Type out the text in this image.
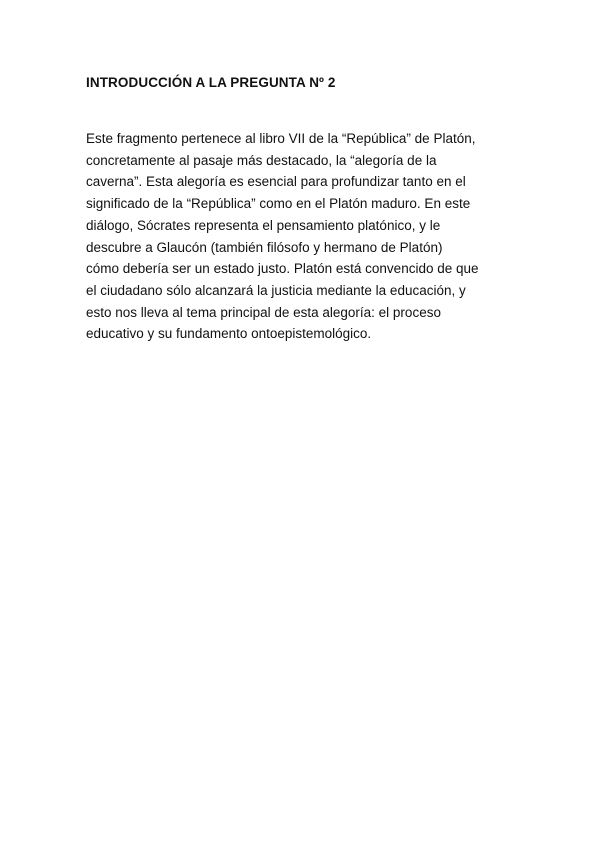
INTRODUCCIÓN A LA PREGUNTA Nº 2
Este fragmento pertenece al libro VII de la “República” de Platón,
concretamente al pasaje más destacado, la “alegoría de la
caverna”. Esta alegoría es esencial para profundizar tanto en el
significado de la “República” como en el Platón maduro. En este
diálogo, Sócrates representa el pensamiento platónico, y le
descubre a Glaucón (también filósofo y hermano de Platón)
cómo debería ser un estado justo. Platón está convencido de que
el ciudadano sólo alcanzará la justicia mediante la educación, y
esto nos lleva al tema principal de esta alegoría: el proceso
educativo y su fundamento ontoepistemológico.
